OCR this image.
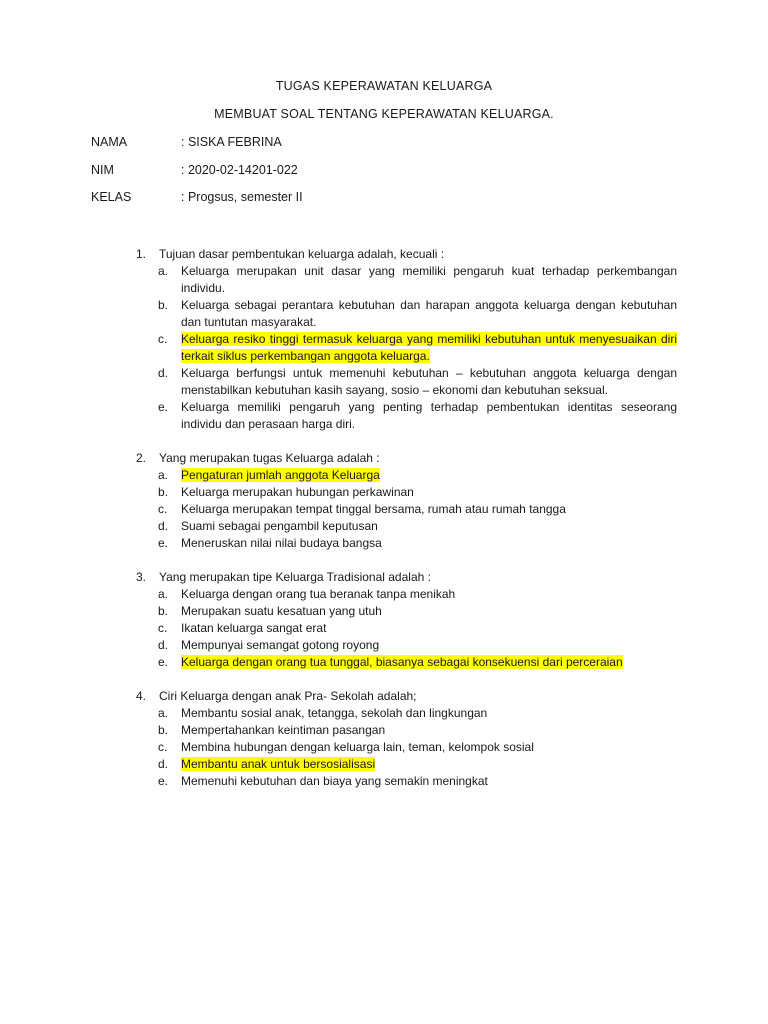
TUGAS KEPERAWATAN KELUARGA
MEMBUAT SOAL TENTANG KEPERAWATAN KELUARGA.
NAMA	: SISKA FEBRINA
NIM	: 2020-02-14201-022
KELAS	: Progsus, semester II
1.	Tujuan dasar pembentukan keluarga adalah, kecuali :
a.	Keluarga merupakan unit dasar yang memiliki pengaruh kuat terhadap perkembangan individu.
b.	Keluarga sebagai perantara kebutuhan dan harapan anggota keluarga dengan kebutuhan dan tuntutan masyarakat.
c.	Keluarga resiko tinggi termasuk keluarga yang memiliki kebutuhan untuk menyesuaikan diri terkait siklus perkembangan anggota keluarga.
d.	Keluarga berfungsi untuk memenuhi kebutuhan – kebutuhan anggota keluarga dengan menstabilkan kebutuhan kasih sayang, sosio – ekonomi dan kebutuhan seksual.
e.	Keluarga memiliki pengaruh yang penting terhadap pembentukan identitas seseorang individu dan perasaan harga diri.
2.	Yang merupakan tugas Keluarga adalah :
a.	Pengaturan jumlah anggota Keluarga
b.	Keluarga merupakan hubungan perkawinan
c.	Keluarga merupakan tempat tinggal bersama, rumah atau rumah tangga
d.	Suami sebagai pengambil keputusan
e.	Meneruskan nilai nilai budaya bangsa
3.	Yang merupakan tipe Keluarga Tradisional adalah :
a.	Keluarga dengan orang tua beranak tanpa menikah
b.	Merupakan suatu kesatuan yang utuh
c.	Ikatan keluarga sangat erat
d.	Mempunyai semangat gotong royong
e.	Keluarga dengan orang tua tunggal, biasanya sebagai konsekuensi dari perceraian
4.	Ciri Keluarga dengan anak Pra- Sekolah adalah;
a.	Membantu sosial anak, tetangga, sekolah dan lingkungan
b.	Mempertahankan keintiman pasangan
c.	Membina hubungan dengan keluarga lain, teman, kelompok sosial
d.	Membantu anak untuk bersosialisasi
e.	Memenuhi kebutuhan dan biaya yang semakin meningkat
